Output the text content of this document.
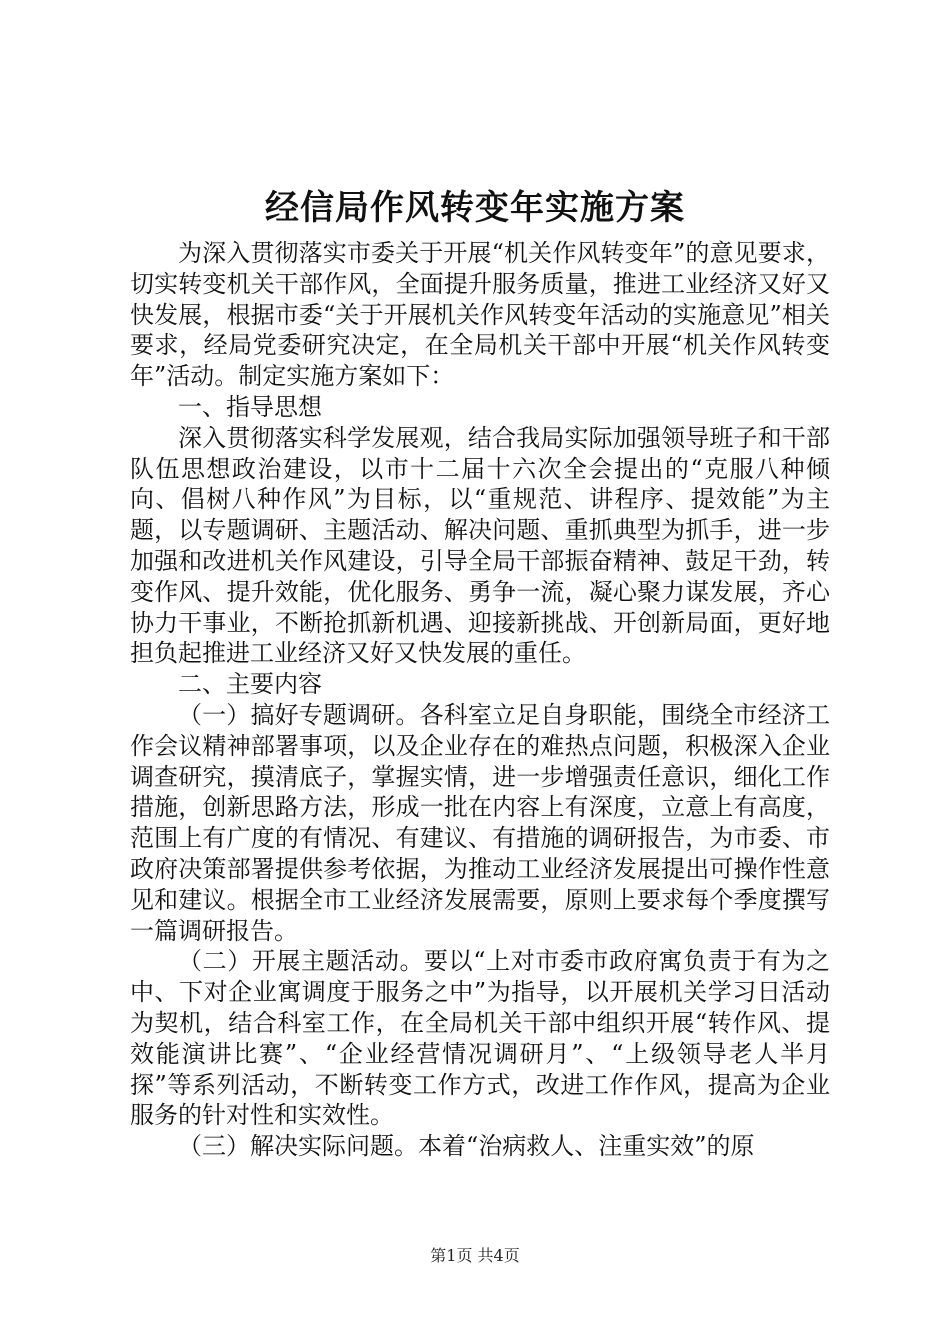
经信局作风转变年实施方案

为深入贯彻落实市委关于开展“机关作风转变年”的意见要求，切实转变机关干部作风，全面提升服务质量，推进工业经济又好又快发展，根据市委“关于开展机关作风转变年活动的实施意见”相关要求，经局党委研究决定，在全局机关干部中开展“机关作风转变年”活动。制定实施方案如下：

一、指导思想

深入贯彻落实科学发展观，结合我局实际加强领导班子和干部队伍思想政治建设，以市十二届十六次全会提出的“克服八种倾向、倡树八种作风”为目标，以“重规范、讲程序、提效能”为主题，以专题调研、主题活动、解决问题、重抓典型为抓手，进一步加强和改进机关作风建设，引导全局干部振奋精神、鼓足干劲，转变作风、提升效能，优化服务、勇争一流，凝心聚力谋发展，齐心协力干事业，不断抢抓新机遇、迎接新挑战、开创新局面，更好地担负起推进工业经济又好又快发展的重任。

二、主要内容

（一）搞好专题调研。各科室立足自身职能，围绕全市经济工作会议精神部署事项，以及企业存在的难热点问题，积极深入企业调查研究，摸清底子，掌握实情，进一步增强责任意识，细化工作措施，创新思路方法，形成一批在内容上有深度，立意上有高度，范围上有广度的有情况、有建议、有措施的调研报告，为市委、市政府决策部署提供参考依据，为推动工业经济发展提出可操作性意见和建议。根据全市工业经济发展需要，原则上要求每个季度撰写一篇调研报告。

（二）开展主题活动。要以“上对市委市政府寓负责于有为之中、下对企业寓调度于服务之中”为指导，以开展机关学习日活动为契机，结合科室工作，在全局机关干部中组织开展“转作风、提效能演讲比赛”、“企业经营情况调研月”、“上级领导老人半月探”等系列活动，不断转变工作方式，改进工作作风，提高为企业服务的针对性和实效性。

（三）解决实际问题。本着“治病救人、注重实效”的原

第1页 共4页
